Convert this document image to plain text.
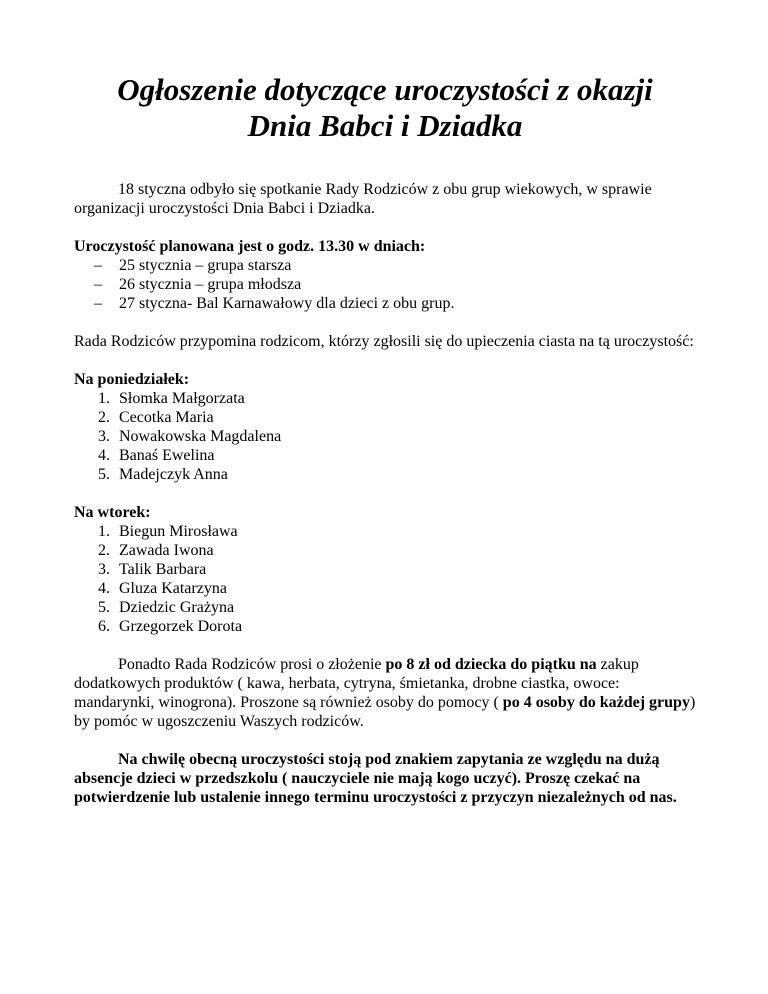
Ogłoszenie dotyczące uroczystości z okazji
Dnia Babci i Dziadka

18 styczna odbyło się spotkanie Rady Rodziców z obu grup wiekowych, w sprawie organizacji uroczystości Dnia Babci i Dziadka.

Uroczystość planowana jest o godz. 13.30 w dniach:

– 25 stycznia – grupa starsza
– 26 stycznia – grupa młodsza
– 27 styczna- Bal Karnawałowy dla dzieci z obu grup.

Rada Rodziców przypomina rodzicom, którzy zgłosili się do upieczenia ciasta na tą uroczystość:

Na poniedziałek:

1. Słomka Małgorzata
2. Cecotka Maria
3. Nowakowska Magdalena
4. Banaś Ewelina
5. Madejczyk Anna

Na wtorek:

1. Biegun Mirosława
2. Zawada Iwona
3. Talik Barbara
4. Gluza Katarzyna
5. Dziedzic Grażyna
6. Grzegorzek Dorota

Ponadto Rada Rodziców prosi o złożenie po 8 zł od dziecka do piątku na zakup dodatkowych produktów ( kawa, herbata, cytryna, śmietanka, drobne ciastka, owoce: mandarynki, winogrona). Proszone są również osoby do pomocy ( po 4 osoby do każdej grupy) by pomóc w ugoszczeniu Waszych rodziców.

Na chwilę obecną uroczystości stoją pod znakiem zapytania ze względu na dużą absencje dzieci w przedszkolu ( nauczyciele nie mają kogo uczyć). Proszę czekać na potwierdzenie lub ustalenie innego terminu uroczystości z przyczyn niezależnych od nas.
